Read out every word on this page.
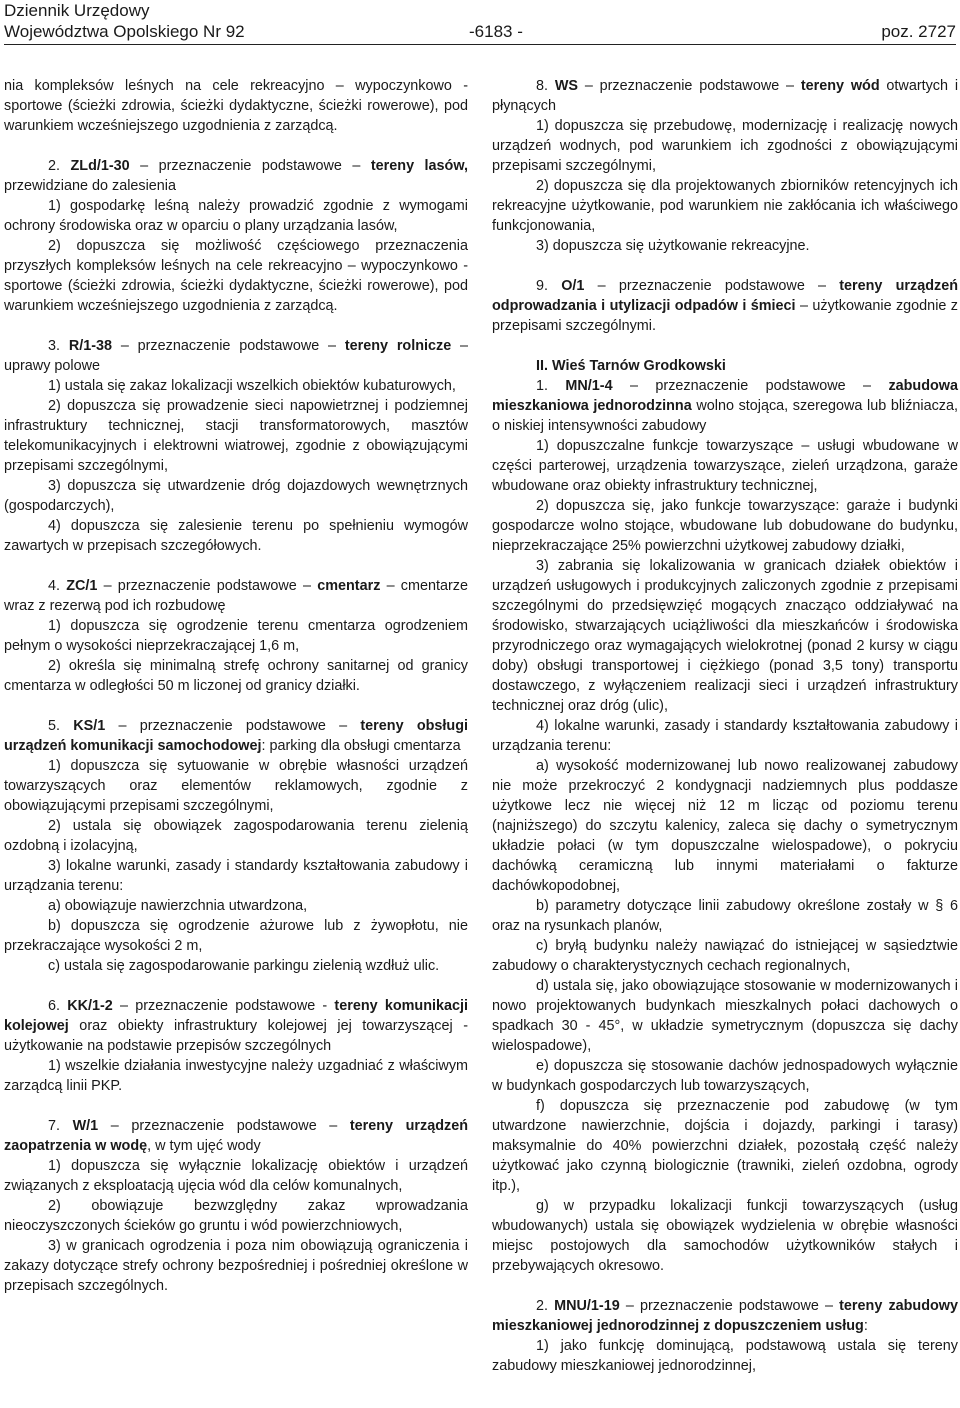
Dziennik Urzędowy
Województwa Opolskiego Nr 92	-6183 -	poz. 2727

nia kompleksów leśnych na cele rekreacyjno – wypoczynkowo - sportowe (ścieżki zdrowia, ścieżki dydaktyczne, ścieżki rowerowe), pod warunkiem wcześniejszego uzgodnienia z zarządcą.

2. ZLd/1-30 – przeznaczenie podstawowe – tereny lasów, przewidziane do zalesienia

1) gospodarkę leśną należy prowadzić zgodnie z wymogami ochrony środowiska oraz w oparciu o plany urządzania lasów,

2) dopuszcza się możliwość częściowego przeznaczenia przyszłych kompleksów leśnych na cele rekreacyjno – wypoczynkowo - sportowe (ścieżki zdrowia, ścieżki dydaktyczne, ścieżki rowerowe), pod warunkiem wcześniejszego uzgodnienia z zarządcą.

3. R/1-38 – przeznaczenie podstawowe – tereny rolnicze – uprawy polowe

1) ustala się zakaz lokalizacji wszelkich obiektów kubaturowych,

2) dopuszcza się prowadzenie sieci napowietrznej i podziemnej infrastruktury technicznej, stacji transformatorowych, masztów telekomunikacyjnych i elektrowni wiatrowej, zgodnie z obowiązującymi przepisami szczególnymi,

3) dopuszcza się utwardzenie dróg dojazdowych wewnętrznych (gospodarczych),

4) dopuszcza się zalesienie terenu po spełnieniu wymogów zawartych w przepisach szczegółowych.

4. ZC/1 – przeznaczenie podstawowe – cmentarz – cmentarze wraz z rezerwą pod ich rozbudowę

1) dopuszcza się ogrodzenie terenu cmentarza ogrodzeniem pełnym o wysokości nieprzekraczającej 1,6 m,

2) określa się minimalną strefę ochrony sanitarnej od granicy cmentarza w odległości 50 m liczonej od granicy działki.

5. KS/1 – przeznaczenie podstawowe – tereny obsługi urządzeń komunikacji samochodowej: parking dla obsługi cmentarza

1) dopuszcza się sytuowanie w obrębie własności urządzeń towarzyszących oraz elementów reklamowych, zgodnie z obowiązującymi przepisami szczególnymi,

2) ustala się obowiązek zagospodarowania terenu zielenią ozdobną i izolacyjną,

3) lokalne warunki, zasady i standardy kształtowania zabudowy i urządzania terenu:

a) obowiązuje nawierzchnia utwardzona,

b) dopuszcza się ogrodzenie ażurowe lub z żywopłotu, nie przekraczające wysokości 2 m,

c) ustala się zagospodarowanie parkingu zielenią wzdłuż ulic.

6. KK/1-2 – przeznaczenie podstawowe - tereny komunikacji kolejowej oraz obiekty infrastruktury kolejowej jej towarzyszącej - użytkowanie na podstawie przepisów szczególnych

1) wszelkie działania inwestycyjne należy uzgadniać z właściwym zarządcą linii PKP.

7. W/1 – przeznaczenie podstawowe – tereny urządzeń zaopatrzenia w wodę, w tym ujęć wody

1) dopuszcza się wyłącznie lokalizację obiektów i urządzeń związanych z eksploatacją ujęcia wód dla celów komunalnych,

2) obowiązuje bezwzględny zakaz wprowadzania nieoczyszczonych ścieków go gruntu i wód powierzchniowych,

3) w granicach ogrodzenia i poza nim obowiązują ograniczenia i zakazy dotyczące strefy ochrony bezpośredniej i pośredniej określone w przepisach szczególnych.

8. WS – przeznaczenie podstawowe – tereny wód otwartych i płynących

1) dopuszcza się przebudowę, modernizację i realizację nowych urządzeń wodnych, pod warunkiem ich zgodności z obowiązującymi przepisami szczególnymi,

2) dopuszcza się dla projektowanych zbiorników retencyjnych ich rekreacyjne użytkowanie, pod warunkiem nie zakłócania ich właściwego funkcjonowania,

3) dopuszcza się użytkowanie rekreacyjne.

9. O/1 – przeznaczenie podstawowe – tereny urządzeń odprowadzania i utylizacji odpadów i śmieci – użytkowanie zgodnie z przepisami szczególnymi.

II. Wieś Tarnów Grodkowski

1. MN/1-4 – przeznaczenie podstawowe – zabudowa mieszkaniowa jednorodzinna wolno stojąca, szeregowa lub bliźniacza, o niskiej intensywności zabudowy

1) dopuszczalne funkcje towarzyszące – usługi wbudowane w części parterowej, urządzenia towarzyszące, zieleń urządzona, garaże wbudowane oraz obiekty infrastruktury technicznej,

2) dopuszcza się, jako funkcje towarzyszące: garaże i budynki gospodarcze wolno stojące, wbudowane lub dobudowane do budynku, nieprzekraczające 25% powierzchni użytkowej zabudowy działki,

3) zabrania się lokalizowania w granicach działek obiektów i urządzeń usługowych i produkcyjnych zaliczonych zgodnie z przepisami szczególnymi do przedsięwzięć mogących znacząco oddziaływać na środowisko, stwarzających uciążliwości dla mieszkańców i środowiska przyrodniczego oraz wymagających wielokrotnej (ponad 2 kursy w ciągu doby) obsługi transportowej i ciężkiego (ponad 3,5 tony) transportu dostawczego, z wyłączeniem realizacji sieci i urządzeń infrastruktury technicznej oraz dróg (ulic),

4) lokalne warunki, zasady i standardy kształtowania zabudowy i urządzania terenu:

a) wysokość modernizowanej lub nowo realizowanej zabudowy nie może przekroczyć 2 kondygnacji nadziemnych plus poddasze użytkowe lecz nie więcej niż 12 m licząc od poziomu terenu (najniższego) do szczytu kalenicy, zaleca się dachy o symetrycznym układzie połaci (w tym dopuszczalne wielospadowe), o pokryciu dachówką ceramiczną lub innymi materiałami o fakturze dachówkopodobnej,

b) parametry dotyczące linii zabudowy określone zostały w § 6 oraz na rysunkach planów,

c) bryłą budynku należy nawiązać do istniejącej w sąsiedztwie zabudowy o charakterystycznych cechach regionalnych,

d) ustala się, jako obowiązujące stosowanie w modernizowanych i nowo projektowanych budynkach mieszkalnych połaci dachowych o spadkach 30 - 45°, w układzie symetrycznym (dopuszcza się dachy wielospadowe),

e) dopuszcza się stosowanie dachów jednospadowych wyłącznie w budynkach gospodarczych lub towarzyszących,

f) dopuszcza się przeznaczenie pod zabudowę (w tym utwardzone nawierzchnie, dojścia i dojazdy, parkingi i tarasy) maksymalnie do 40% powierzchni działek, pozostałą część należy użytkować jako czynną biologicznie (trawniki, zieleń ozdobna, ogrody itp.),

g) w przypadku lokalizacji funkcji towarzyszących (usług wbudowanych) ustala się obowiązek wydzielenia w obrębie własności miejsc postojowych dla samochodów użytkowników stałych i przebywających okresowo.

2. MNU/1-19 – przeznaczenie podstawowe – tereny zabudowy mieszkaniowej jednorodzinnej z dopuszczeniem usług:

1) jako funkcję dominującą, podstawową ustala się tereny zabudowy mieszkaniowej jednorodzinnej,
